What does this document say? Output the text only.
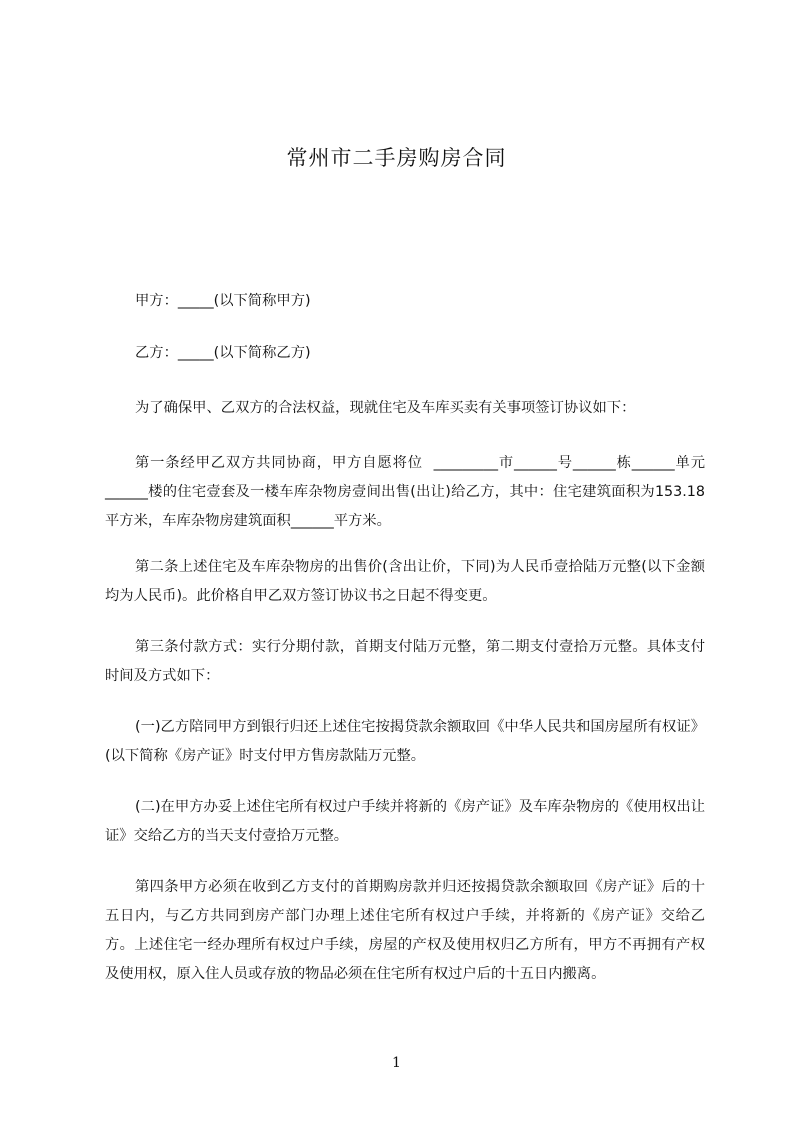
常州市二手房购房合同
甲方：_____(以下简称甲方)
乙方：_____(以下简称乙方)
为了确保甲、乙双方的合法权益，现就住宅及车库买卖有关事项签订协议如下：
第一条经甲乙双方共同协商，甲方自愿将位  _________市______号______栋______单元______楼的住宅壹套及一楼车库杂物房壹间出售(出让)给乙方，其中：住宅建筑面积为153.18平方米，车库杂物房建筑面积______平方米。
第二条上述住宅及车库杂物房的出售价(含出让价，下同)为人民币壹拾陆万元整(以下金额均为人民币)。此价格自甲乙双方签订协议书之日起不得变更。
第三条付款方式：实行分期付款，首期支付陆万元整，第二期支付壹拾万元整。具体支付时间及方式如下：
(一)乙方陪同甲方到银行归还上述住宅按揭贷款余额取回《中华人民共和国房屋所有权证》(以下简称《房产证》时支付甲方售房款陆万元整。
(二)在甲方办妥上述住宅所有权过户手续并将新的《房产证》及车库杂物房的《使用权出让证》交给乙方的当天支付壹拾万元整。
第四条甲方必须在收到乙方支付的首期购房款并归还按揭贷款余额取回《房产证》后的十五日内，与乙方共同到房产部门办理上述住宅所有权过户手续，并将新的《房产证》交给乙方。上述住宅一经办理所有权过户手续，房屋的产权及使用权归乙方所有，甲方不再拥有产权及使用权，原入住人员或存放的物品必须在住宅所有权过户后的十五日内搬离。
1
